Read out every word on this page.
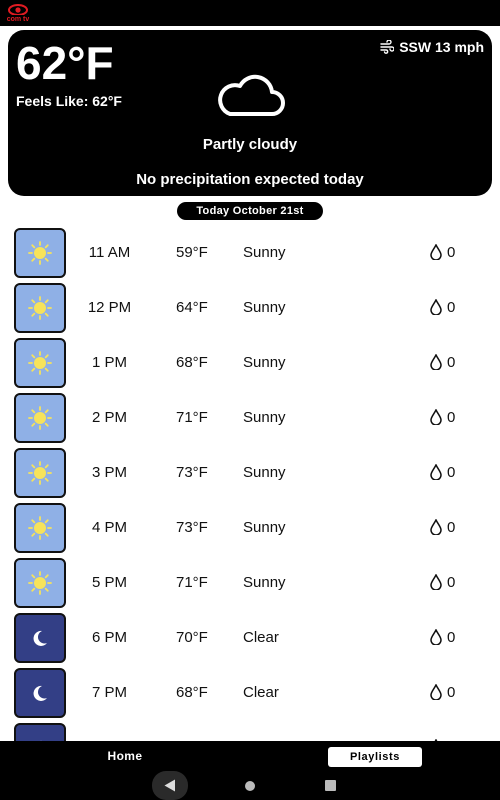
com tv
62°F
Feels Like: 62°F
SSW 13 mph
Partly cloudy
No precipitation expected today
Today October 21st
11 AM	59°F Sunny	0
12 PM	64°F Sunny	0
1 PM	68°F Sunny	0
2 PM	71°F Sunny	0
3 PM	73°F Sunny	0
4 PM	73°F Sunny	0
5 PM	71°F Sunny	0
6 PM	70°F Clear	0
7 PM	68°F Clear	0
Home	Playlists
